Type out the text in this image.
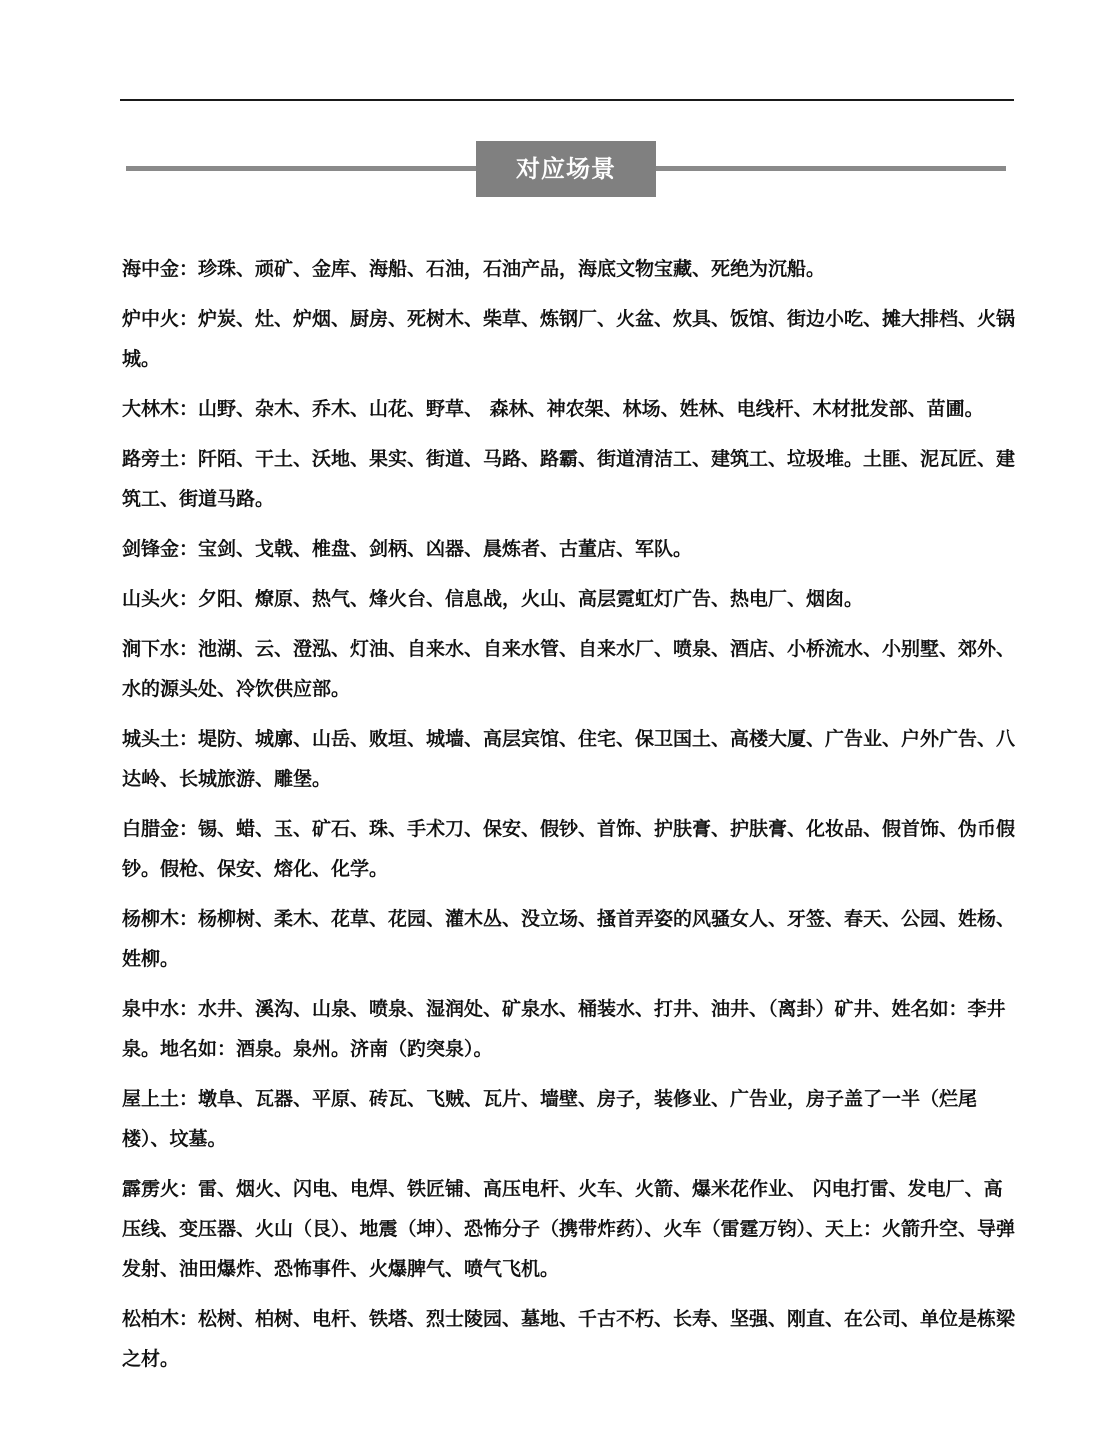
对应场景

海中金：珍珠、顽矿、金库、海船、石油，石油产品，海底文物宝藏、死绝为沉船。

炉中火：炉炭、灶、炉烟、厨房、死树木、柴草、炼钢厂、火盆、炊具、饭馆、街边小吃、摊大排档、火锅城。

大林木：山野、杂木、乔木、山花、野草、 森林、神农架、林场、姓林、电线杆、木材批发部、苗圃。

路旁土：阡陌、干土、沃地、果实、街道、马路、路霸、街道清洁工、建筑工、垃圾堆。土匪、泥瓦匠、建筑工、街道马路。

剑锋金：宝剑、戈戟、椎盘、剑柄、凶器、晨炼者、古董店、军队。

山头火：夕阳、燎原、热气、烽火台、信息战，火山、高层霓虹灯广告、热电厂、烟囱。

涧下水：池湖、云、澄泓、灯油、自来水、自来水管、自来水厂、喷泉、酒店、小桥流水、小别墅、郊外、水的源头处、冷饮供应部。

城头土：堤防、城廓、山岳、败垣、城墙、高层宾馆、住宅、保卫国土、高楼大厦、广告业、户外广告、八达岭、长城旅游、雕堡。

白腊金：锡、蜡、玉、矿石、珠、手术刀、保安、假钞、首饰、护肤膏、护肤膏、化妆品、假首饰、伪币假钞。假枪、保安、熔化、化学。

杨柳木：杨柳树、柔木、花草、花园、灌木丛、没立场、搔首弄姿的风骚女人、牙签、春天、公园、姓杨、姓柳。

泉中水：水井、溪沟、山泉、喷泉、湿润处、矿泉水、桶装水、打井、油井、（离卦）矿井、姓名如：李井泉。地名如：酒泉。泉州。济南（趵突泉）。

屋上土：墩阜、瓦器、平原、砖瓦、飞贼、瓦片、墙壁、房子，装修业、广告业，房子盖了一半（烂尾楼）、坟墓。

霹雳火：雷、烟火、闪电、电焊、铁匠铺、高压电杆、火车、火箭、爆米花作业、 闪电打雷、发电厂、高压线、变压器、火山（艮）、地震（坤）、恐怖分子（携带炸药）、火车（雷霆万钧）、天上：火箭升空、导弹发射、油田爆炸、恐怖事件、火爆脾气、喷气飞机。

松柏木：松树、柏树、电杆、铁塔、烈士陵园、墓地、千古不朽、长寿、坚强、刚直、在公司、单位是栋梁之材。
